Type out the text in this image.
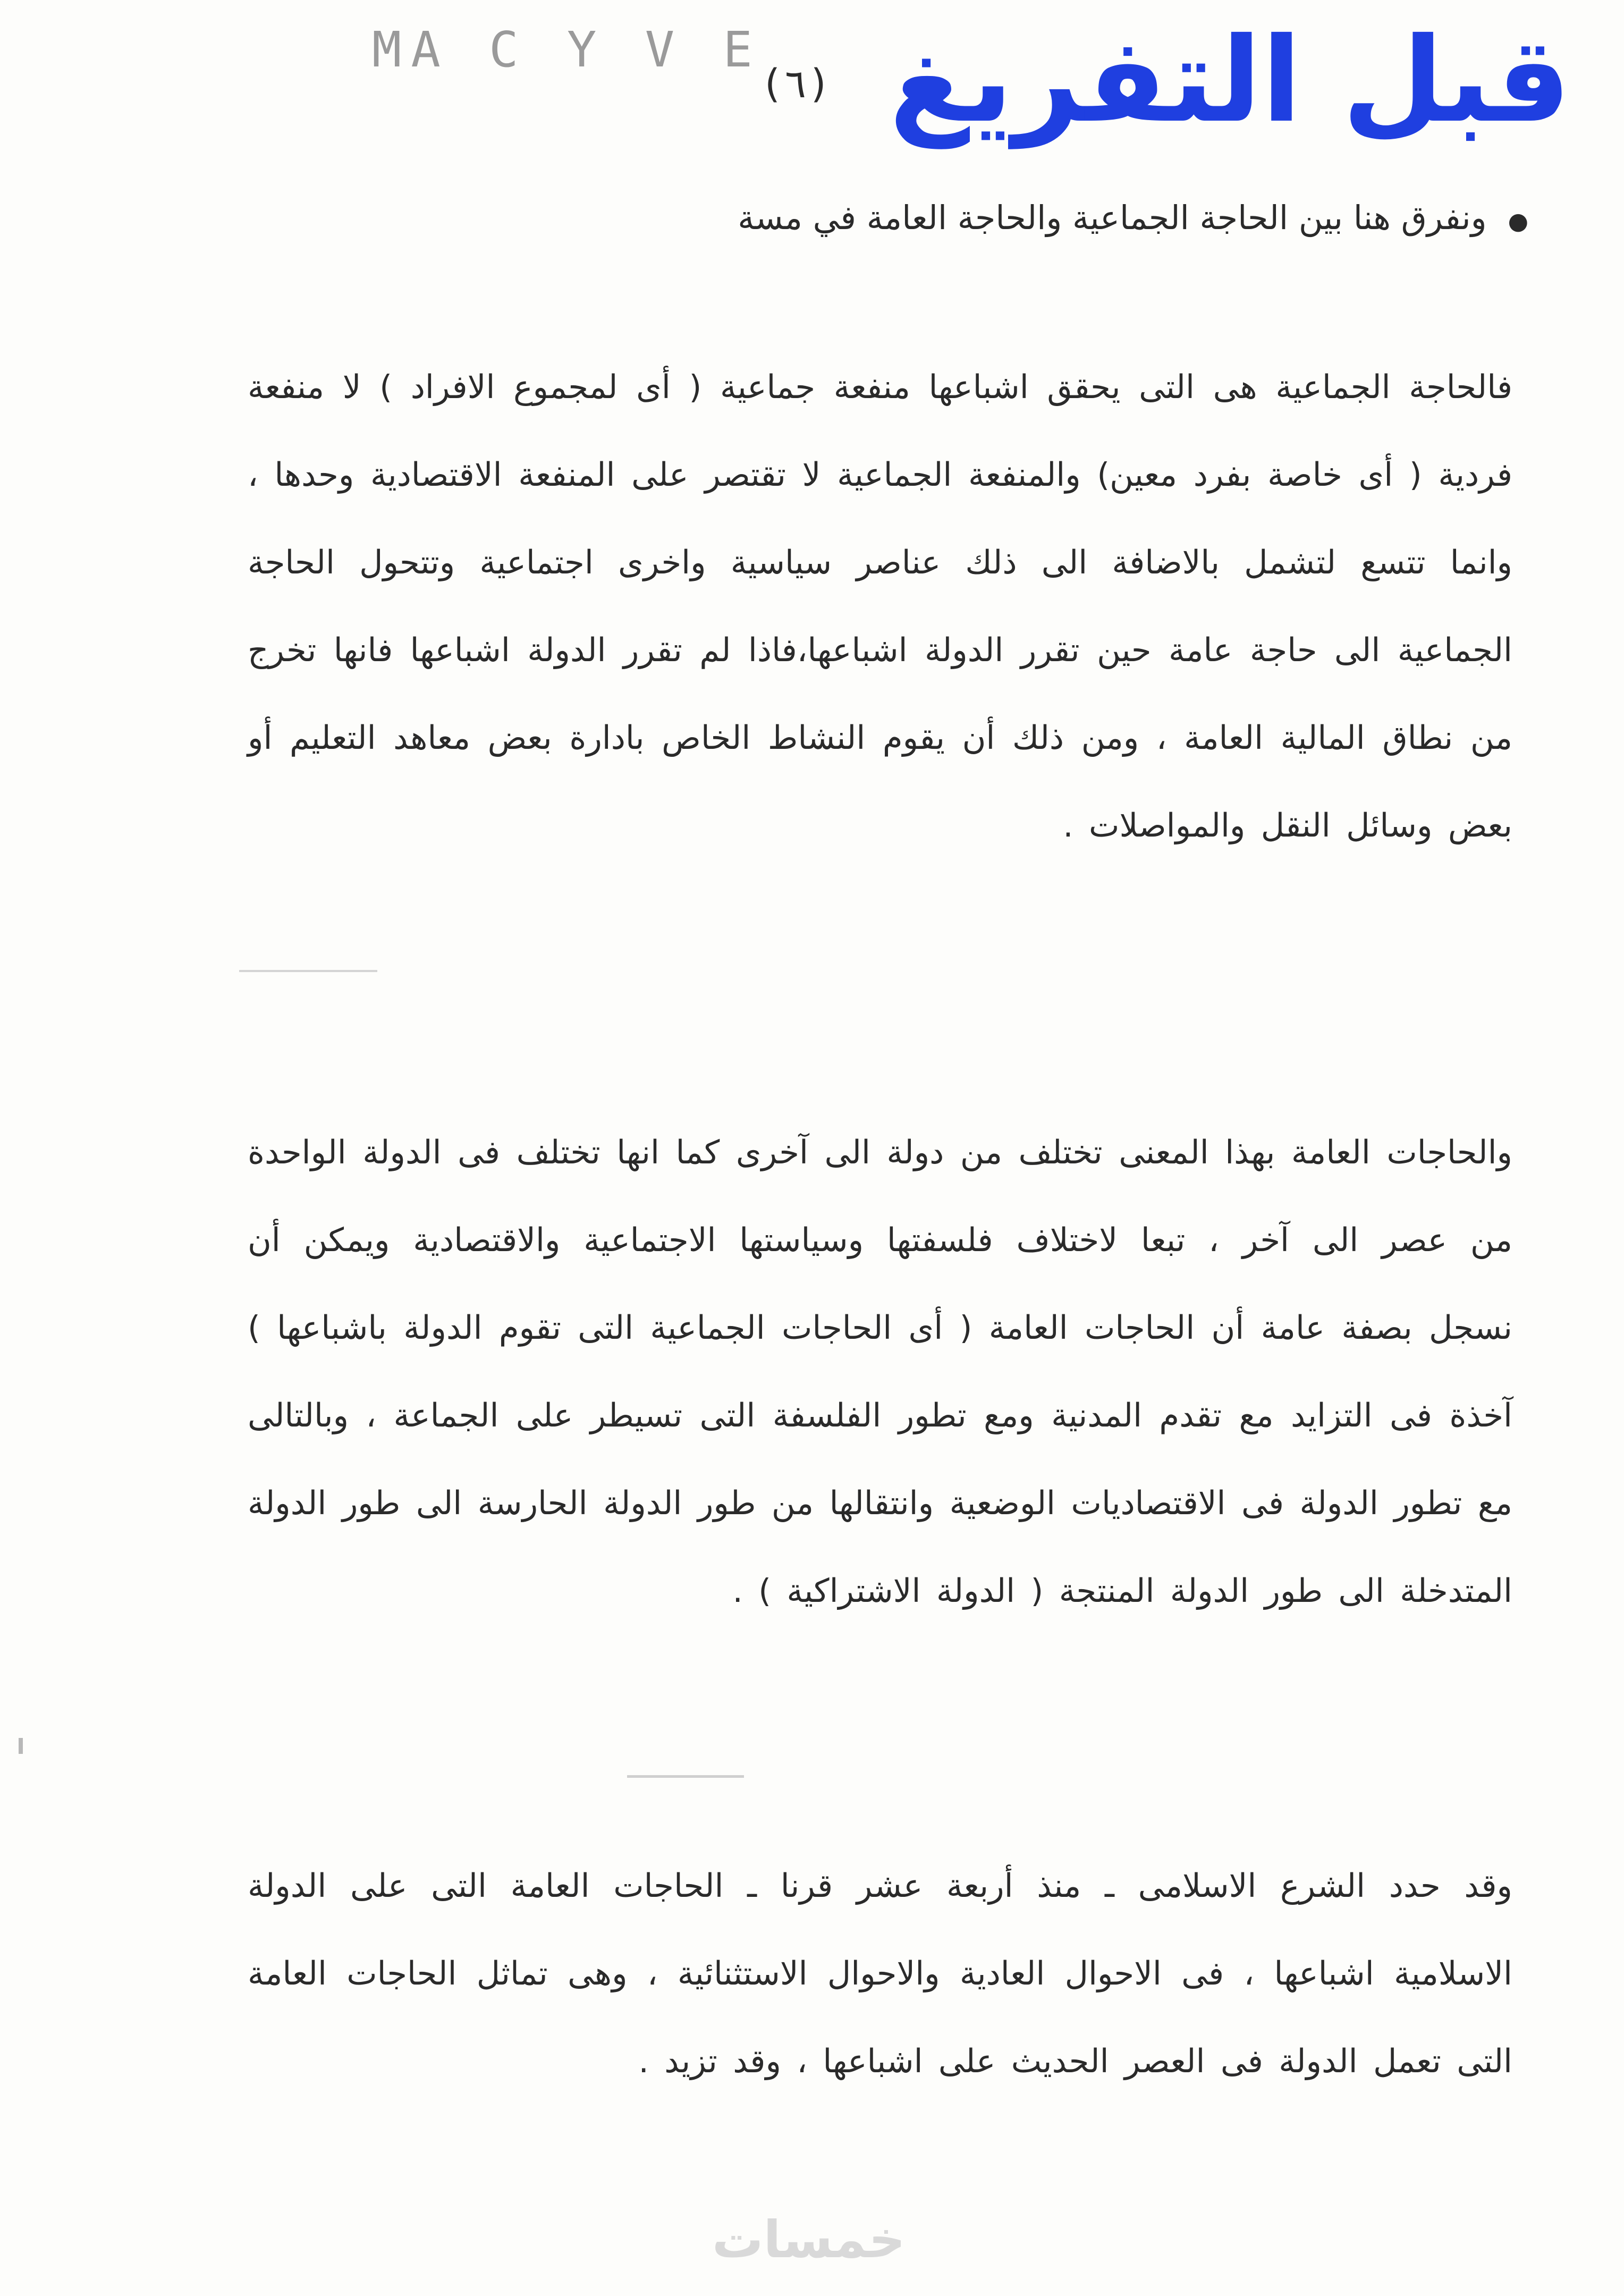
MA C Y V E
(٦) قبل التفريغ
●ونفرق هنا بين الحاجة الجماعية والحاجة العامة في مسة

فالحاجة الجماعية هى التى يحقق اشباعها منفعة جماعية ( أى لمجموع الافراد ) لا منفعة فردية ( أى خاصة بفرد معين) والمنفعة الجماعية لا تقتصر على المنفعة الاقتصادية وحدها ، وانما تتسع لتشمل بالاضافة الى ذلك عناصر سياسية واخرى اجتماعية وتتحول الحاجة الجماعية الى حاجة عامة حين تقرر الدولة اشباعها،فاذا لم تقرر الدولة اشباعها فانها تخرج من نطاق المالية العامة ، ومن ذلك أن يقوم النشاط الخاص بادارة بعض معاهد التعليم أو بعض وسائل النقل والمواصلات .

والحاجات العامة بهذا المعنى تختلف من دولة الى آخرى كما انها تختلف فى الدولة الواحدة من عصر الى آخر ، تبعا لاختلاف فلسفتها وسياستها الاجتماعية والاقتصادية ويمكن أن نسجل بصفة عامة أن الحاجات العامة ( أى الحاجات الجماعية التى تقوم الدولة باشباعها ) آخذة فى التزايد مع تقدم المدنية ومع تطور الفلسفة التى تسيطر على الجماعة ، وبالتالى مع تطور الدولة فى الاقتصاديات الوضعية وانتقالها من طور الدولة الحارسة الى طور الدولة المتدخلة الى طور الدولة المنتجة ( الدولة الاشتراكية ) .

وقد حدد الشرع الاسلامى ـ منذ أربعة عشر قرنا ـ الحاجات العامة التى على الدولة الاسلامية اشباعها ، فى الاحوال العادية والاحوال الاستثنائية ، وهى تماثل الحاجات العامة التى تعمل الدولة فى العصر الحديث على اشباعها ، وقد تزيد .

خمسات
